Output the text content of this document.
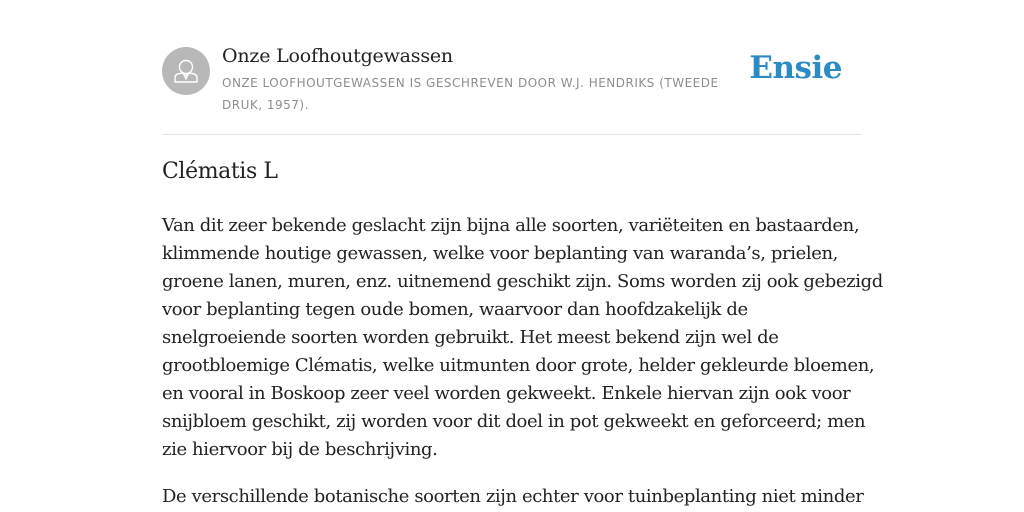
Onze Loofhoutgewassen
ONZE LOOFHOUTGEWASSEN IS GESCHREVEN DOOR W.J. HENDRIKS (TWEEDE DRUK, 1957).
Ensie
Clématis L

Van dit zeer bekende geslacht zijn bijna alle soorten, variëteiten en bastaarden,
klimmende houtige gewassen, welke voor beplanting van waranda’s, prielen,
groene lanen, muren, enz. uitnemend geschikt zijn. Soms worden zij ook gebezigd
voor beplanting tegen oude bomen, waarvoor dan hoofdzakelijk de
snelgroeiende soorten worden gebruikt. Het meest bekend zijn wel de
grootbloemige Clématis, welke uitmunten door grote, helder gekleurde bloemen,
en vooral in Boskoop zeer veel worden gekweekt. Enkele hiervan zijn ook voor
snijbloem geschikt, zij worden voor dit doel in pot gekweekt en geforceerd; men
zie hiervoor bij de beschrijving.

De verschillende botanische soorten zijn echter voor tuinbeplanting niet minder
